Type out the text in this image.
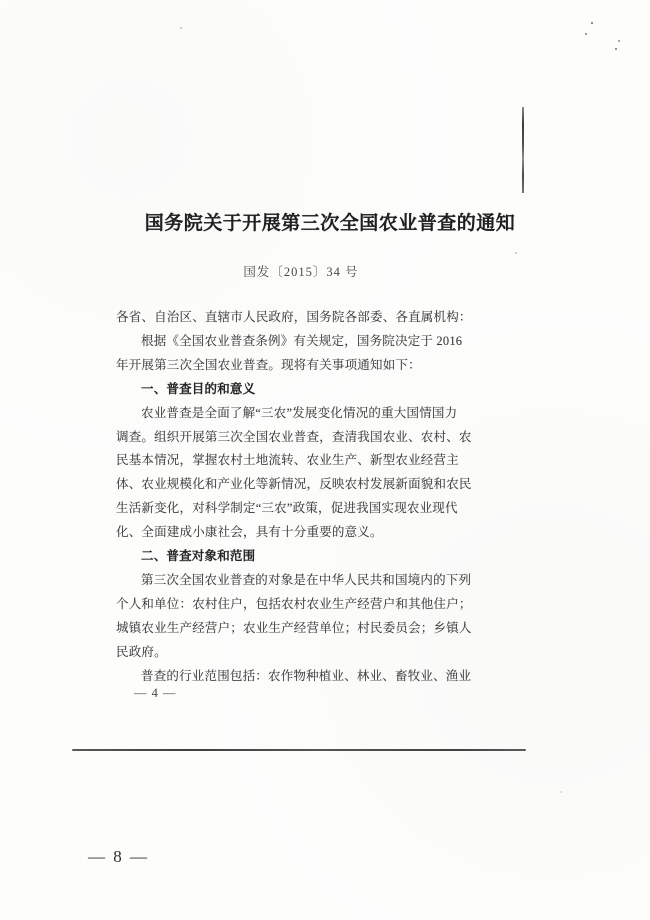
国务院关于开展第三次全国农业普查的通知
国发〔2015〕34 号
各省、自治区、直辖市人民政府，国务院各部委、各直属机构：
根据《全国农业普查条例》有关规定，国务院决定于 2016
年开展第三次全国农业普查。现将有关事项通知如下：
一、普查目的和意义
农业普查是全面了解“三农”发展变化情况的重大国情国力
调查。组织开展第三次全国农业普查，查清我国农业、农村、农
民基本情况，掌握农村土地流转、农业生产、新型农业经营主
体、农业规模化和产业化等新情况，反映农村发展新面貌和农民
生活新变化，对科学制定“三农”政策，促进我国实现农业现代
化、全面建成小康社会，具有十分重要的意义。
二、普查对象和范围
第三次全国农业普查的对象是在中华人民共和国境内的下列
个人和单位：农村住户，包括农村农业生产经营户和其他住户；
城镇农业生产经营户；农业生产经营单位；村民委员会；乡镇人
民政府。
普查的行业范围包括：农作物种植业、林业、畜牧业、渔业
— 4 —
— 8 —
